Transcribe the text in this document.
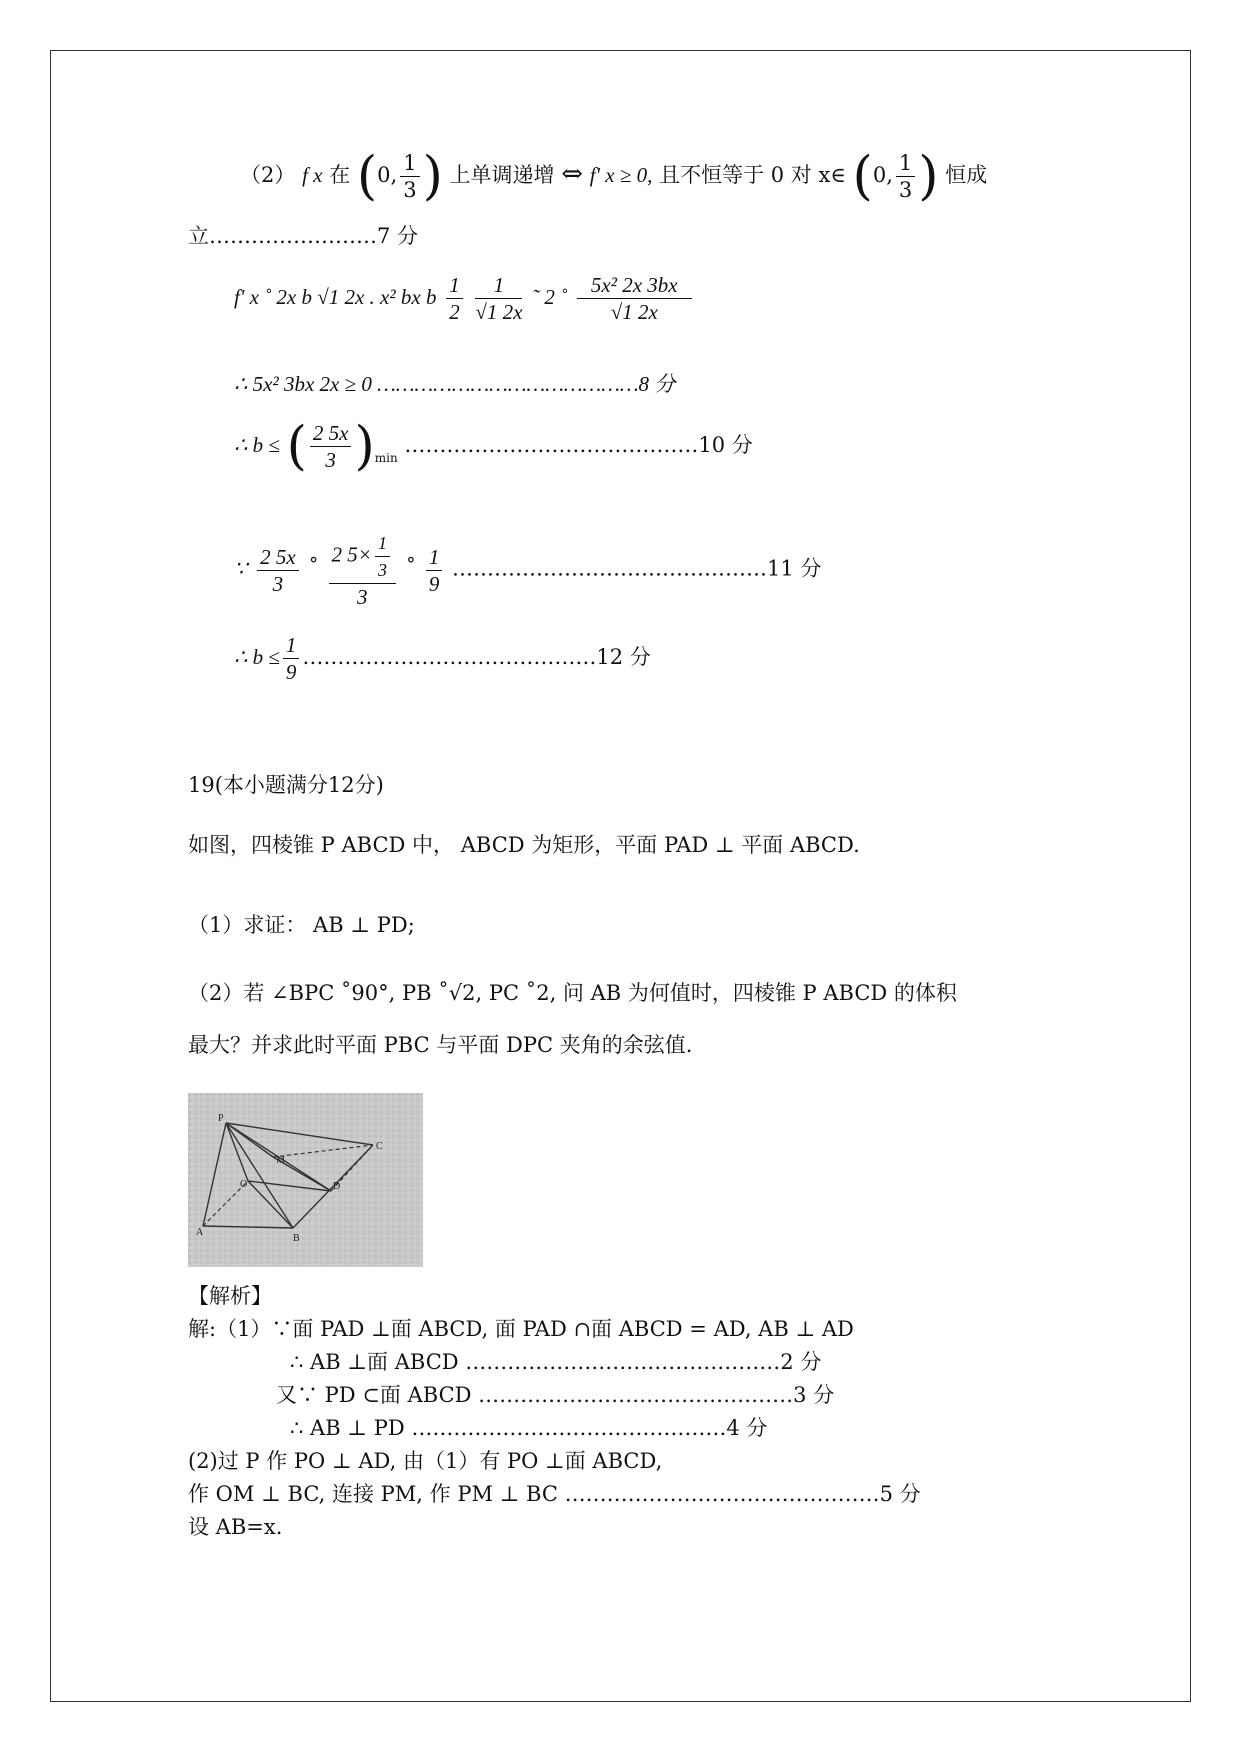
（2） f x 在 (0, $\frac{1}{3}$ ) 上单调递增 ⇔ f' x ≥ 0, 且不恒等于 0 对 x∈ (0, $\frac{1}{3}$ ) 恒成
立……………………7 分
f' x ˚ 2x b √1 2x . x² bx b $\frac{1}{2}$
$\frac{1}{√1 2x}$ ˜ 2 ˚ $\frac{\text{5x² 2x 3bx}}{√1 2x}$
∴ 5x² 3bx 2x ≥ 0 ……………………………………8 分
∴ b ≤ ( $\frac{2 5x}{3} )_{min}$ ……………………………………10 分
∵ $\frac{2 5x}{3}$ ˚ $\frac{2 5\times \frac{1}{3}}{3}$ ˚ $\frac{1}{9}$ ………………………………………11 分
∴ $b \le \frac{1}{9}$ ……………………………………12 分
19(本小题满分12分)
如图，四棱锥 P ABCD 中， ABCD 为矩形，平面 PAD ⊥ 平面 ABCD.
（1）求证： AB ⊥ PD;
（2）若 ∠BPC ˚90°, PB ˚√2, PC ˚2, 问 AB 为何值时，四棱锥 P ABCD 的体积
最大？并求此时平面 PBC 与平面 DPC 夹角的余弦值.
P
A
B
C
D
O
M
【解析】
解:（1）∵面 PAD ⊥面 ABCD, 面 PAD ∩面 ABCD = AD, AB ⊥ AD
∴ AB ⊥面 ABCD ………………………………………2 分
又∵ PD ⊂面 ABCD ………………………………………3 分
∴ AB ⊥ PD ………………………………………4 分
(2)过 P 作 PO ⊥ AD, 由（1）有 PO ⊥面 ABCD,
作 OM ⊥ BC, 连接 PM, 作 PM ⊥ BC ………………………………………5 分
设 AB=x.
